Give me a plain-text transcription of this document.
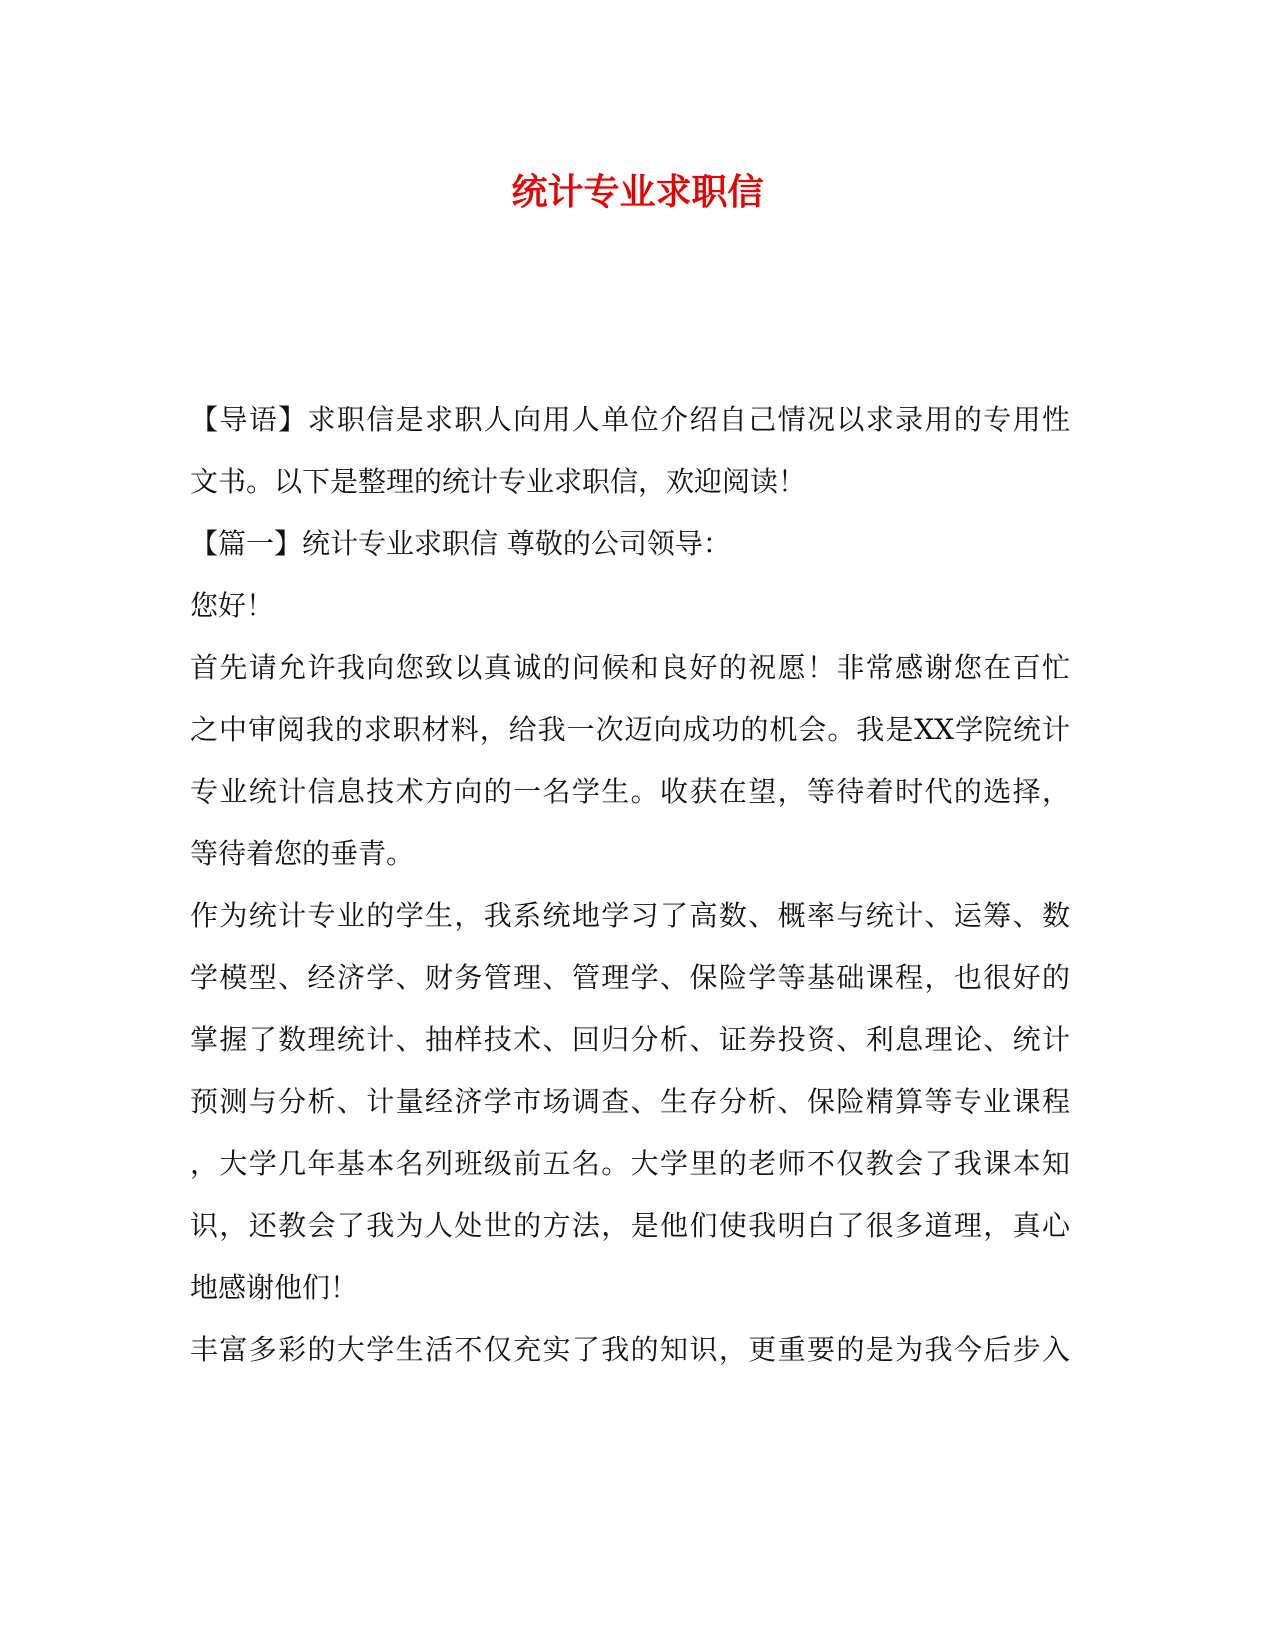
统计专业求职信

【导语】求职信是求职人向用人单位介绍自己情况以求录用的专用性

文书。以下是整理的统计专业求职信，欢迎阅读！

【篇一】统计专业求职信 尊敬的公司领导：

您好！

首先请允许我向您致以真诚的问候和良好的祝愿！非常感谢您在百忙

之中审阅我的求职材料，给我一次迈向成功的机会。我是XX学院统计

专业统计信息技术方向的一名学生。收获在望，等待着时代的选择，

等待着您的垂青。

作为统计专业的学生，我系统地学习了高数、概率与统计、运筹、数

学模型、经济学、财务管理、管理学、保险学等基础课程，也很好的

掌握了数理统计、抽样技术、回归分析、证券投资、利息理论、统计

预测与分析、计量经济学市场调查、生存分析、保险精算等专业课程

，大学几年基本名列班级前五名。大学里的老师不仅教会了我课本知

识，还教会了我为人处世的方法，是他们使我明白了很多道理，真心

地感谢他们！

丰富多彩的大学生活不仅充实了我的知识，更重要的是为我今后步入
